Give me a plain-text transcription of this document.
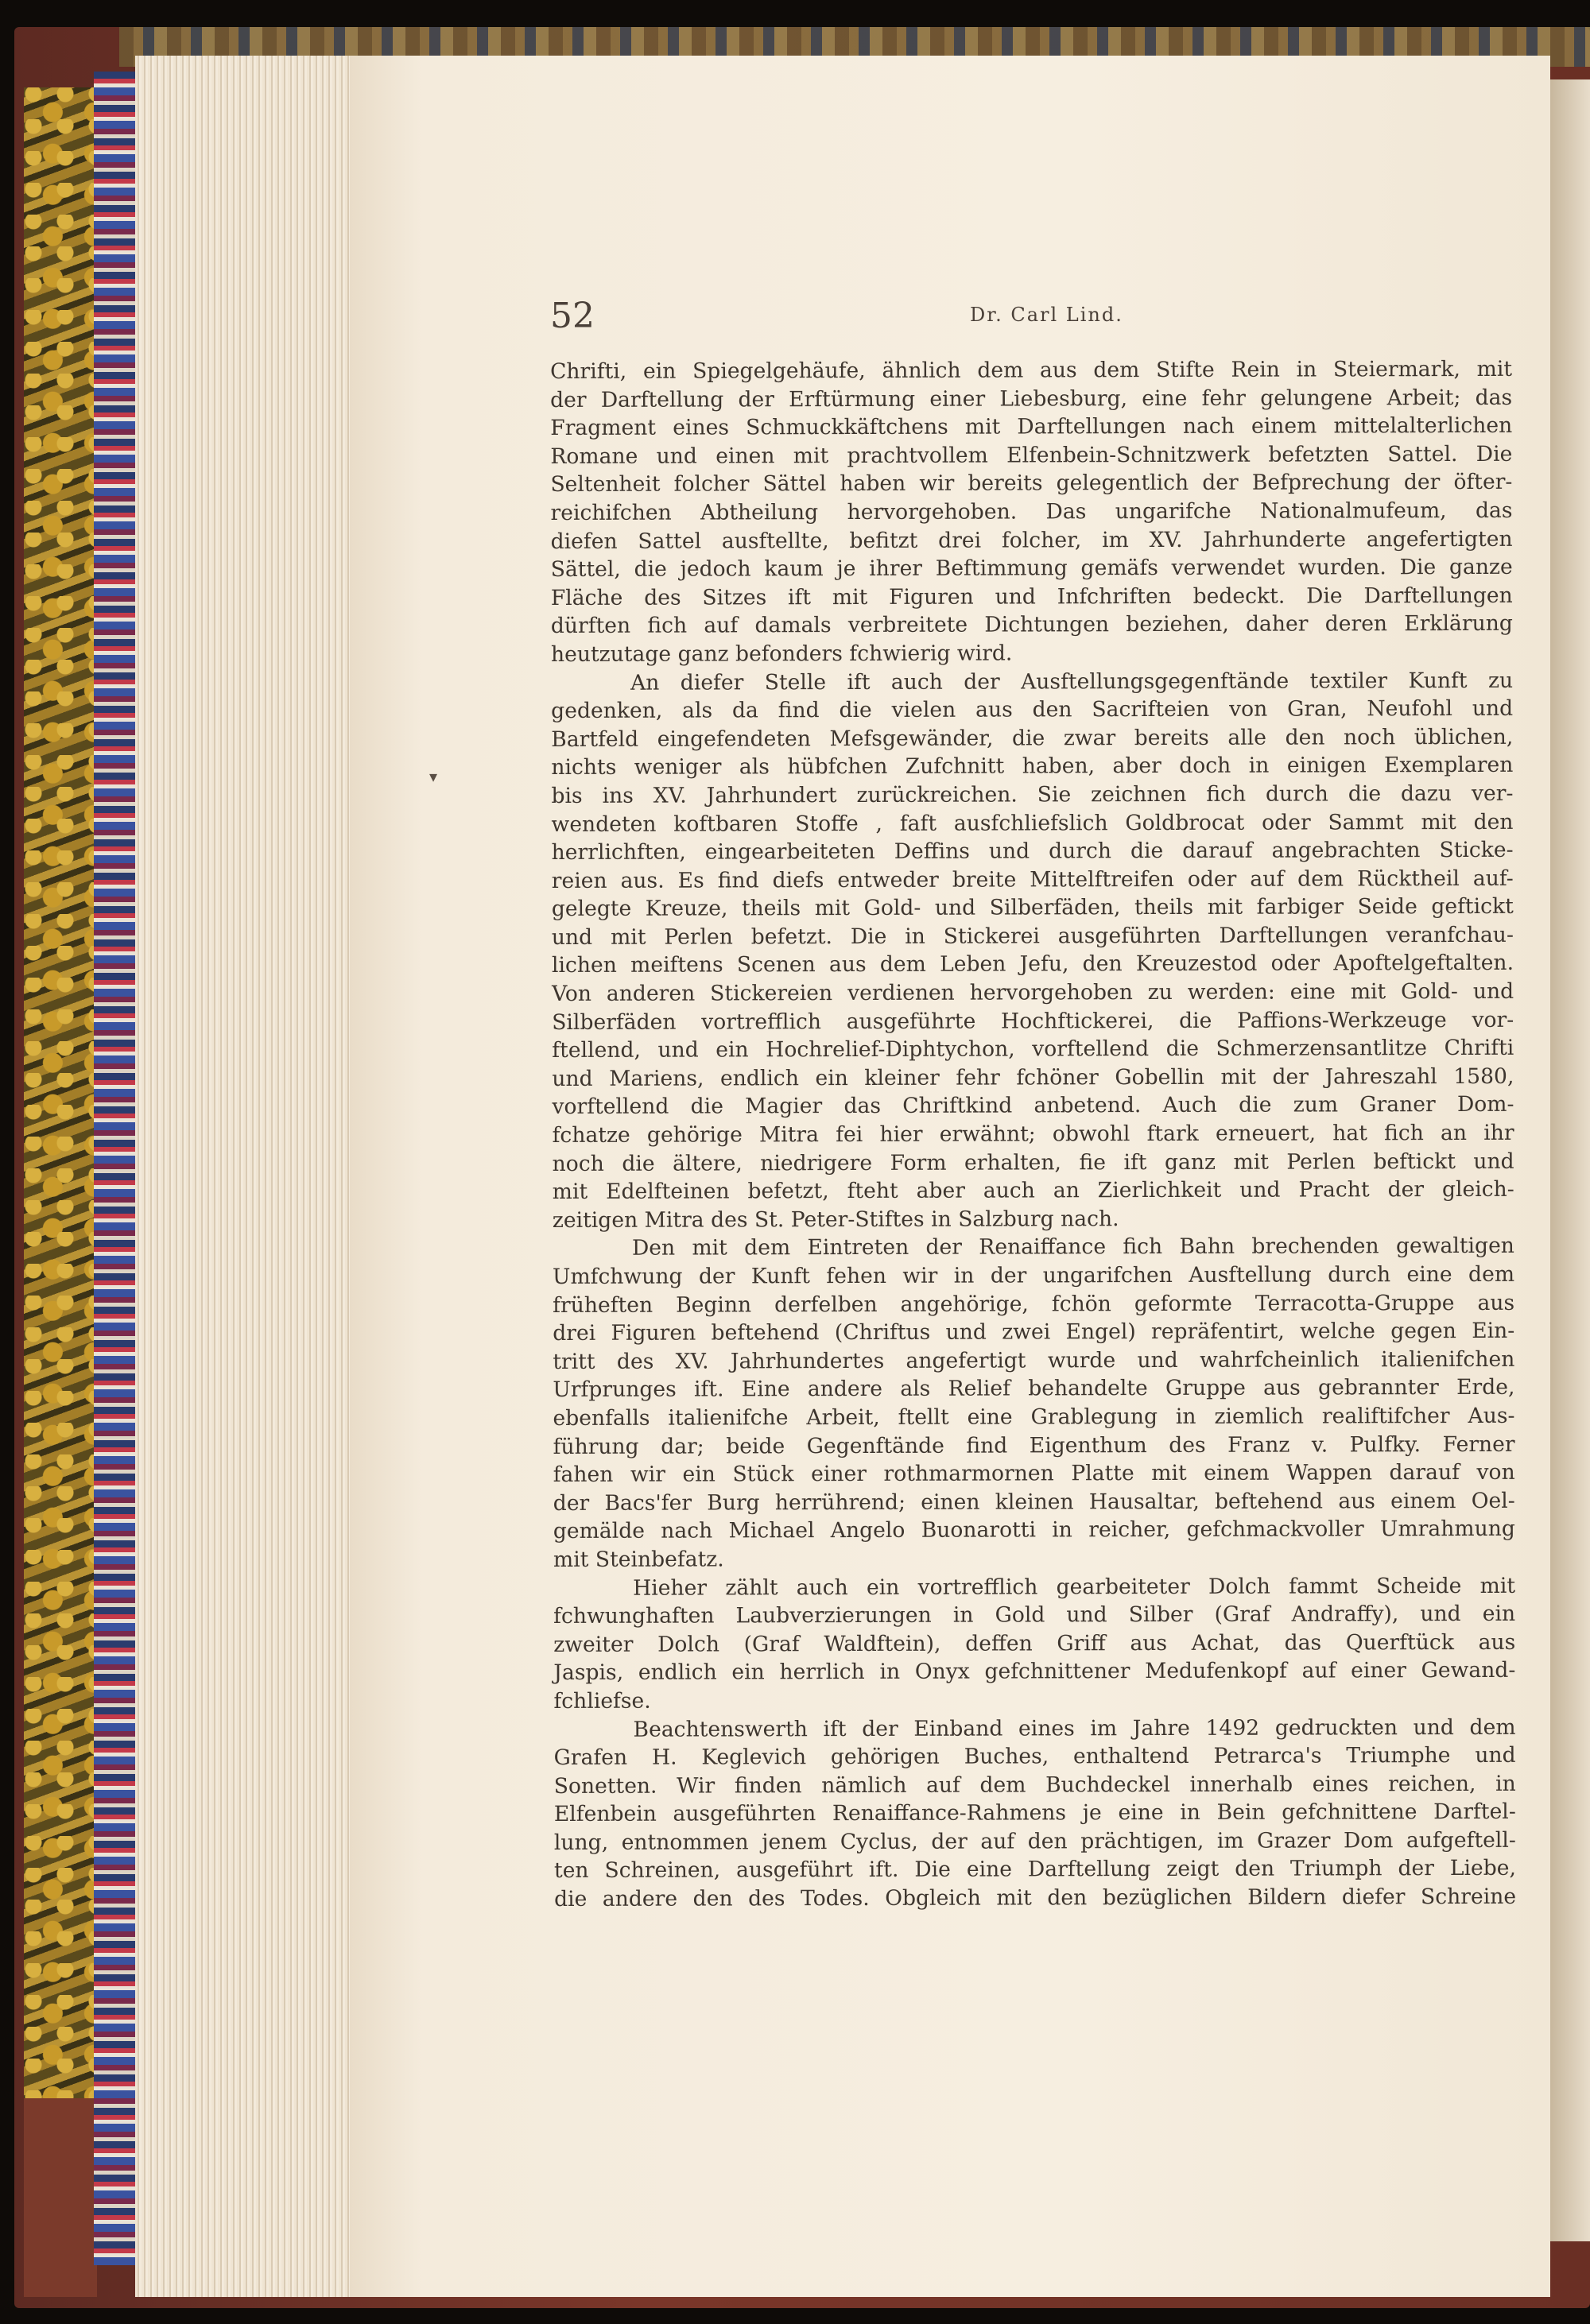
52	Dr. Carl Lind.
▾
Chrifti, ein Spiegelgehäufe, ähnlich dem aus dem Stifte Rein in Steiermark, mit
der Darftellung der Erftürmung einer Liebesburg, eine fehr gelungene Arbeit; das
Fragment eines Schmuckkäftchens mit Darftellungen nach einem mittelalterlichen
Romane und einen mit prachtvollem Elfenbein-Schnitzwerk befetzten Sattel. Die
Seltenheit folcher Sättel haben wir bereits gelegentlich der Befprechung der öfter-
reichifchen Abtheilung hervorgehoben. Das ungarifche Nationalmufeum, das
diefen Sattel ausftellte, befitzt drei folcher, im XV. Jahrhunderte angefertigten
Sättel, die jedoch kaum je ihrer Beftimmung gemäfs verwendet wurden. Die ganze
Fläche des Sitzes ift mit Figuren und Infchriften bedeckt. Die Darftellungen
dürften fich auf damals verbreitete Dichtungen beziehen, daher deren Erklärung
heutzutage ganz befonders fchwierig wird.
An diefer Stelle ift auch der Ausftellungsgegenftände textiler Kunft zu
gedenken, als da find die vielen aus den Sacrifteien von Gran, Neufohl und
Bartfeld eingefendeten Mefsgewänder, die zwar bereits alle den noch üblichen,
nichts weniger als hübfchen Zufchnitt haben, aber doch in einigen Exemplaren
bis ins XV. Jahrhundert zurückreichen. Sie zeichnen fich durch die dazu ver-
wendeten koftbaren Stoffe , faft ausfchliefslich Goldbrocat oder Sammt mit den
herrlichften, eingearbeiteten Deffins und durch die darauf angebrachten Sticke-
reien aus. Es find diefs entweder breite Mittelftreifen oder auf dem Rücktheil auf-
gelegte Kreuze, theils mit Gold- und Silberfäden, theils mit farbiger Seide geftickt
und mit Perlen befetzt. Die in Stickerei ausgeführten Darftellungen veranfchau-
lichen meiftens Scenen aus dem Leben Jefu, den Kreuzestod oder Apoftelgeftalten.
Von anderen Stickereien verdienen hervorgehoben zu werden: eine mit Gold- und
Silberfäden vortrefflich ausgeführte Hochftickerei, die Paffions-Werkzeuge vor-
ftellend, und ein Hochrelief-Diphtychon, vorftellend die Schmerzensantlitze Chrifti
und Mariens, endlich ein kleiner fehr fchöner Gobellin mit der Jahreszahl 1580,
vorftellend die Magier das Chriftkind anbetend. Auch die zum Graner Dom-
fchatze gehörige Mitra fei hier erwähnt; obwohl ftark erneuert, hat fich an ihr
noch die ältere, niedrigere Form erhalten, fie ift ganz mit Perlen beftickt und
mit Edelfteinen befetzt, fteht aber auch an Zierlichkeit und Pracht der gleich-
zeitigen Mitra des St. Peter-Stiftes in Salzburg nach.
Den mit dem Eintreten der Renaiffance fich Bahn brechenden gewaltigen
Umfchwung der Kunft fehen wir in der ungarifchen Ausftellung durch eine dem
früheften Beginn derfelben angehörige, fchön geformte Terracotta-Gruppe aus
drei Figuren beftehend (Chriftus und zwei Engel) repräfentirt, welche gegen Ein-
tritt des XV. Jahrhundertes angefertigt wurde und wahrfcheinlich italienifchen
Urfprunges ift. Eine andere als Relief behandelte Gruppe aus gebrannter Erde,
ebenfalls italienifche Arbeit, ftellt eine Grablegung in ziemlich realiftifcher Aus-
führung dar; beide Gegenftände find Eigenthum des Franz v. Pulfky. Ferner
fahen wir ein Stück einer rothmarmornen Platte mit einem Wappen darauf von
der Bacs'fer Burg herrührend; einen kleinen Hausaltar, beftehend aus einem Oel-
gemälde nach Michael Angelo Buonarotti in reicher, gefchmackvoller Umrahmung
mit Steinbefatz.
Hieher zählt auch ein vortrefflich gearbeiteter Dolch fammt Scheide mit
fchwunghaften Laubverzierungen in Gold und Silber (Graf Andraffy), und ein
zweiter Dolch (Graf Waldftein), deffen Griff aus Achat, das Querftück aus
Jaspis, endlich ein herrlich in Onyx gefchnittener Medufenkopf auf einer Gewand-
fchliefse.
Beachtenswerth ift der Einband eines im Jahre 1492 gedruckten und dem
Grafen H. Keglevich gehörigen Buches, enthaltend Petrarca's Triumphe und
Sonetten. Wir finden nämlich auf dem Buchdeckel innerhalb eines reichen, in
Elfenbein ausgeführten Renaiffance-Rahmens je eine in Bein gefchnittene Darftel-
lung, entnommen jenem Cyclus, der auf den prächtigen, im Grazer Dom aufgeftell-
ten Schreinen, ausgeführt ift. Die eine Darftellung zeigt den Triumph der Liebe,
die andere den des Todes. Obgleich mit den bezüglichen Bildern diefer Schreine
